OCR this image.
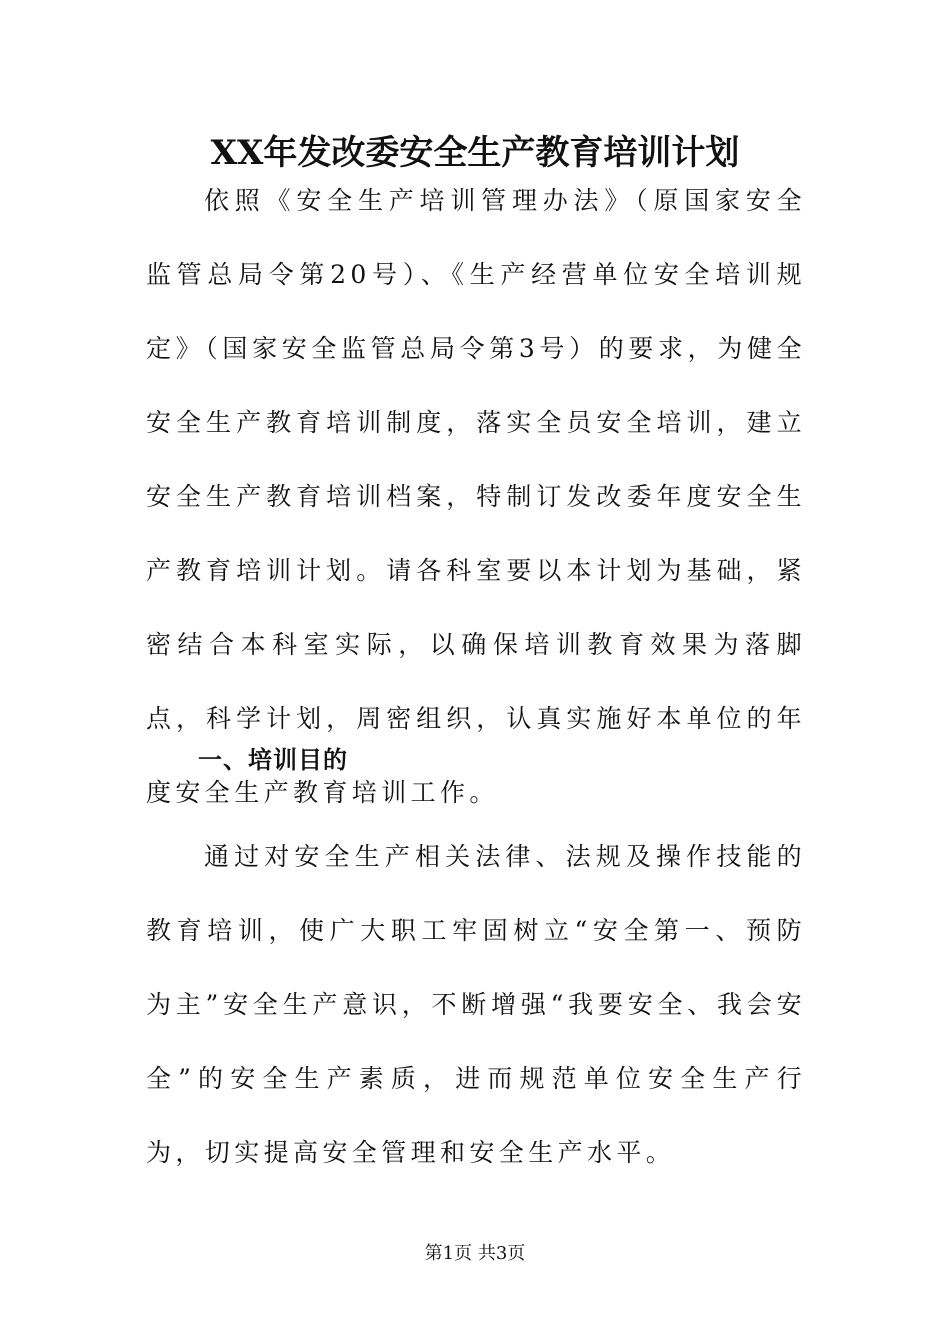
XX年发改委安全生产教育培训计划

依照《安全生产培训管理办法》（原国家安全监管总局令第20号）、《生产经营单位安全培训规定》（国家安全监管总局令第3号）的要求，为健全安全生产教育培训制度，落实全员安全培训，建立安全生产教育培训档案，特制订发改委年度安全生产教育培训计划。请各科室要以本计划为基础，紧密结合本科室实际，以确保培训教育效果为落脚点，科学计划，周密组织，认真实施好本单位的年度安全生产教育培训工作。

一、培训目的

通过对安全生产相关法律、法规及操作技能的教育培训，使广大职工牢固树立“安全第一、预防为主”安全生产意识，不断增强“我要安全、我会安全”的安全生产素质，进而规范单位安全生产行为，切实提高安全管理和安全生产水平。

第1页 共3页
